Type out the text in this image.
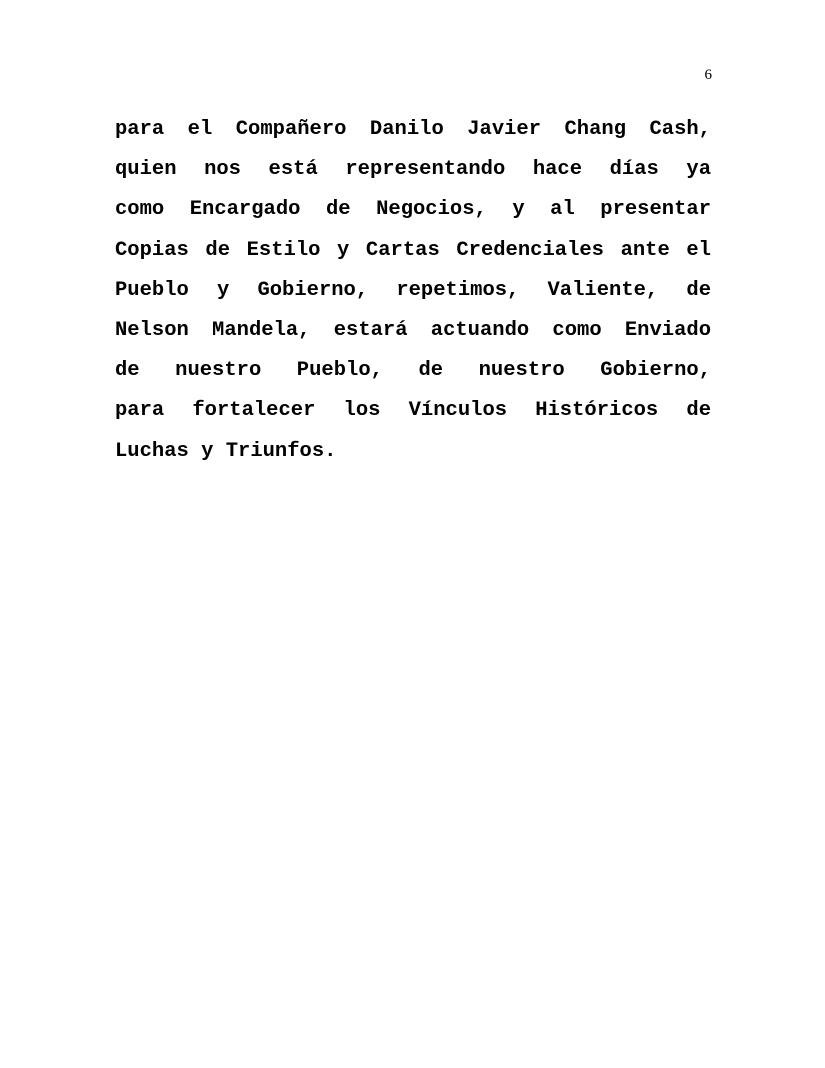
6
para el Compañero Danilo Javier Chang Cash,
quien nos está representando hace días ya
como Encargado de Negocios, y al presentar
Copias de Estilo y Cartas Credenciales ante el
Pueblo y Gobierno, repetimos, Valiente, de
Nelson Mandela, estará actuando como Enviado
de nuestro Pueblo, de nuestro Gobierno,
para fortalecer los Vínculos Históricos de
Luchas y Triunfos.
